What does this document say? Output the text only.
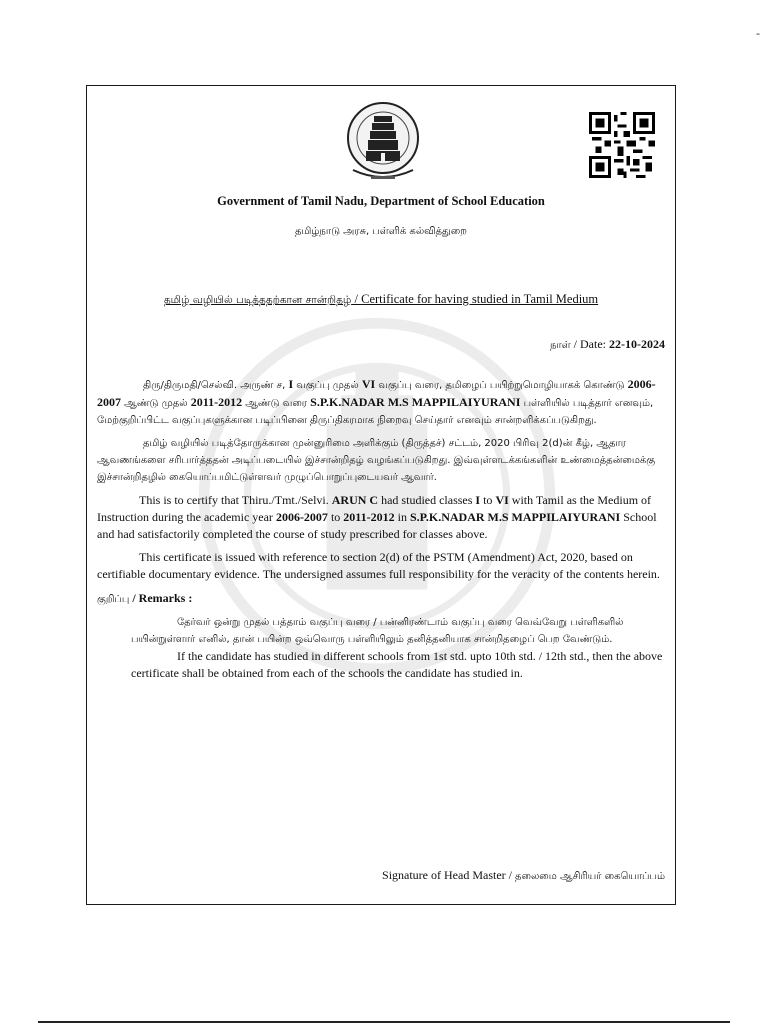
-
Government of Tamil Nadu, Department of School Education
தமிழ்நாடு அரசு, பள்ளிக் கல்வித்துறை
தமிழ் வழியில் படித்ததற்கான சான்றிதழ் / Certificate for having studied in Tamil Medium
நாள் / Date: 22-10-2024

திரு/திருமதி/செல்வி. அருண் ச, I வகுப்பு முதல் VI வகுப்பு வரை, தமிழைப் பயிற்றுமொழியாகக் கொண்டு 2006-2007 ஆண்டு முதல் 2011-2012 ஆண்டு வரை S.P.K.NADAR M.S MAPPILAIYURANI பள்ளியில் படித்தார் எனவும், மேற்குறிப்பிட்ட வகுப்புகளுக்கான படிப்பினை திருப்திகரமாக நிறைவு செய்தார் எனவும் சான்றளிக்கப்படுகிறது.

தமிழ் வழியில் படித்தோருக்கான முன்னுரிமை அளிக்கும் (திருத்தச்) சட்டம், 2020 பிரிவு 2(d)ன் கீழ், ஆதார ஆவணங்களை சரிபார்த்ததன் அடிப்படையில் இச்சான்றிதழ் வழங்கப்படுகிறது. இவ்வுள்ளடக்கங்களின் உண்மைத்தன்மைக்கு இச்சான்றிதழில் கையொப்பமிட்டுள்ளவர் முழுப்பொறுப்புடையவர் ஆவார்.

This is to certify that Thiru./Tmt./Selvi. ARUN C had studied classes I to VI with Tamil as the Medium of Instruction during the academic year 2006-2007 to 2011-2012 in S.P.K.NADAR M.S MAPPILAIYURANI School and had satisfactorily completed the course of study prescribed for classes above.

This certificate is issued with reference to section 2(d) of the PSTM (Amendment) Act, 2020, based on certifiable documentary evidence. The undersigned assumes full responsibility for the veracity of the contents herein.

குறிப்பு / Remarks :

தேர்வர் ஒன்று முதல் பத்தாம் வகுப்பு வரை / பன்னிரண்டாம் வகுப்பு வரை வெவ்வேறு பள்ளிகளில் பயின்றுள்ளார் எனில், தான் பயின்ற ஒவ்வொரு பள்ளியிலும் தனித்தனியாக சான்றிதழைப் பெற வேண்டும்.

If the candidate has studied in different schools from 1st std. upto 10th std. / 12th std., then the above certificate shall be obtained from each of the schools the candidate has studied in.

Signature of Head Master / தலைமை ஆசிரியர் கையொப்பம்
